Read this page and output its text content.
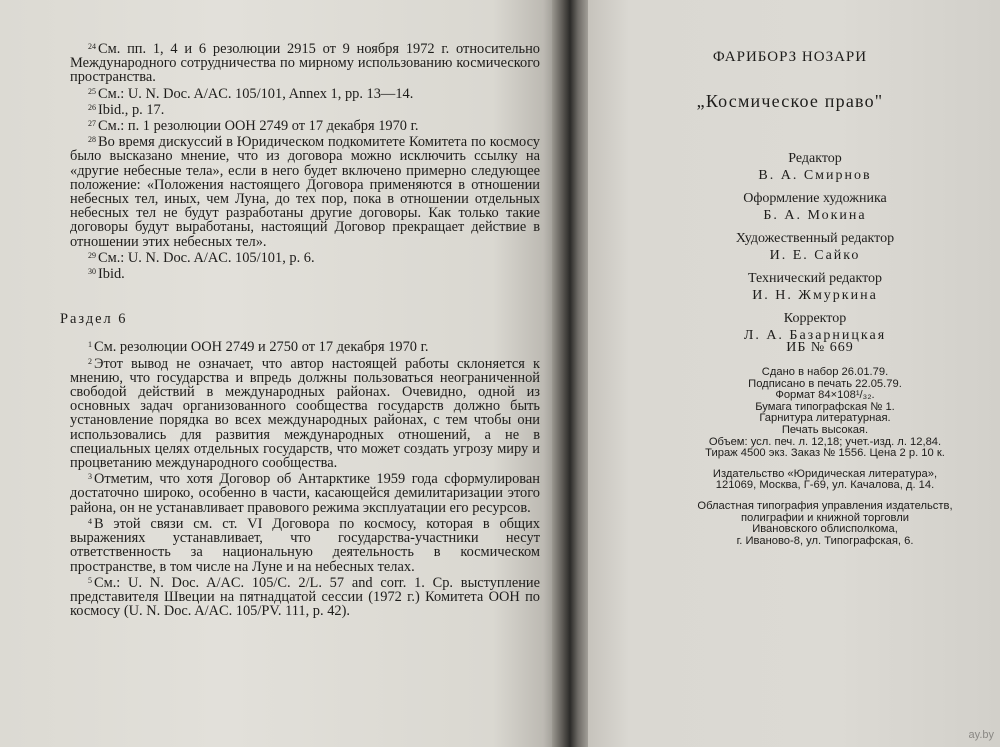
$^{24}$ См. пп. 1, 4 и 6 резолюции 2915 от 9 ноября 1972 г. относительно Международного сотрудничества по мирному использованию космического пространства.

$^{25}$ См.: U. N. Doc. A/AC. 105/101, Annex 1, pp. 13—14.

$^{26}$ Ibid., p. 17.

$^{27}$ См.: п. 1 резолюции ООН 2749 от 17 декабря 1970 г.

$^{28}$ Во время дискуссий в Юридическом подкомитете Комитета по космосу было высказано мнение, что из договора можно исключить ссылку на «другие небесные тела», если в него будет включено примерно следующее положение: «Положения настоящего Договора применяются в отношении небесных тел, иных, чем Луна, до тех пор, пока в отношении отдельных небесных тел не будут разработаны другие договоры. Как только такие договоры будут выработаны, настоящий Договор прекращает действие в отношении этих небесных тел».

$^{29}$ См.: U. N. Doc. A/AC. 105/101, p. 6.

$^{30}$ Ibid.

Раздел 6

$^1$ См. резолюции ООН 2749 и 2750 от 17 декабря 1970 г.

$^2$ Этот вывод не означает, что автор настоящей работы склоняется к мнению, что государства и впредь должны пользоваться неограниченной свободой действий в международных районах. Очевидно, одной из основных задач организованного сообщества государств должно быть установление порядка во всех международных районах, с тем чтобы они использовались для развития международных отношений, а не в специальных целях отдельных государств, что может создать угрозу миру и процветанию международного сообщества.

$^3$ Отметим, что хотя Договор об Антарктике 1959 года сформулирован достаточно широко, особенно в части, касающейся демилитаризации этого района, он не устанавливает правового режима эксплуатации его ресурсов.

$^4$ В этой связи см. ст. VI Договора по космосу, которая в общих выражениях устанавливает, что государства-участники несут ответственность за национальную деятельность в космическом пространстве, в том числе на Луне и на небесных телах.

$^5$ См.: U. N. Doc. A/AC. 105/C. 2/L. 57 and corr. 1. Ср. выступление представителя Швеции на пятнадцатой сессии (1972 г.) Комитета ООН по космосу (U. N. Doc. A/AC. 105/PV. 111, p. 42).

ФАРИБОРЗ НОЗАРИ
„Космическое право"
Редактор
В. А. Смирнов
Оформление художника
Б. А. Мокина
Художественный редактор
И. Е. Сайко
Технический редактор
И. Н. Жмуркина
Корректор
Л. А. Базарницкая
ИБ № 669

Сдано в набор 26.01.79.

Подписано в печать 22.05.79.

Формат 84×108¹/₃₂.

Бумага типографская № 1.

Гарнитура литературная.

Печать высокая.

Объем: усл. печ. л. 12,18; учет.-изд. л. 12,84.

Тираж 4500 экз. Заказ № 1556. Цена 2 р. 10 к.

Издательство «Юридическая литература»,

121069, Москва, Г-69, ул. Качалова, д. 14.

Областная типография управления издательств,

полиграфии и книжной торговли

Ивановского облисполкома,

г. Иваново-8, ул. Типографская, 6.

ay.by
